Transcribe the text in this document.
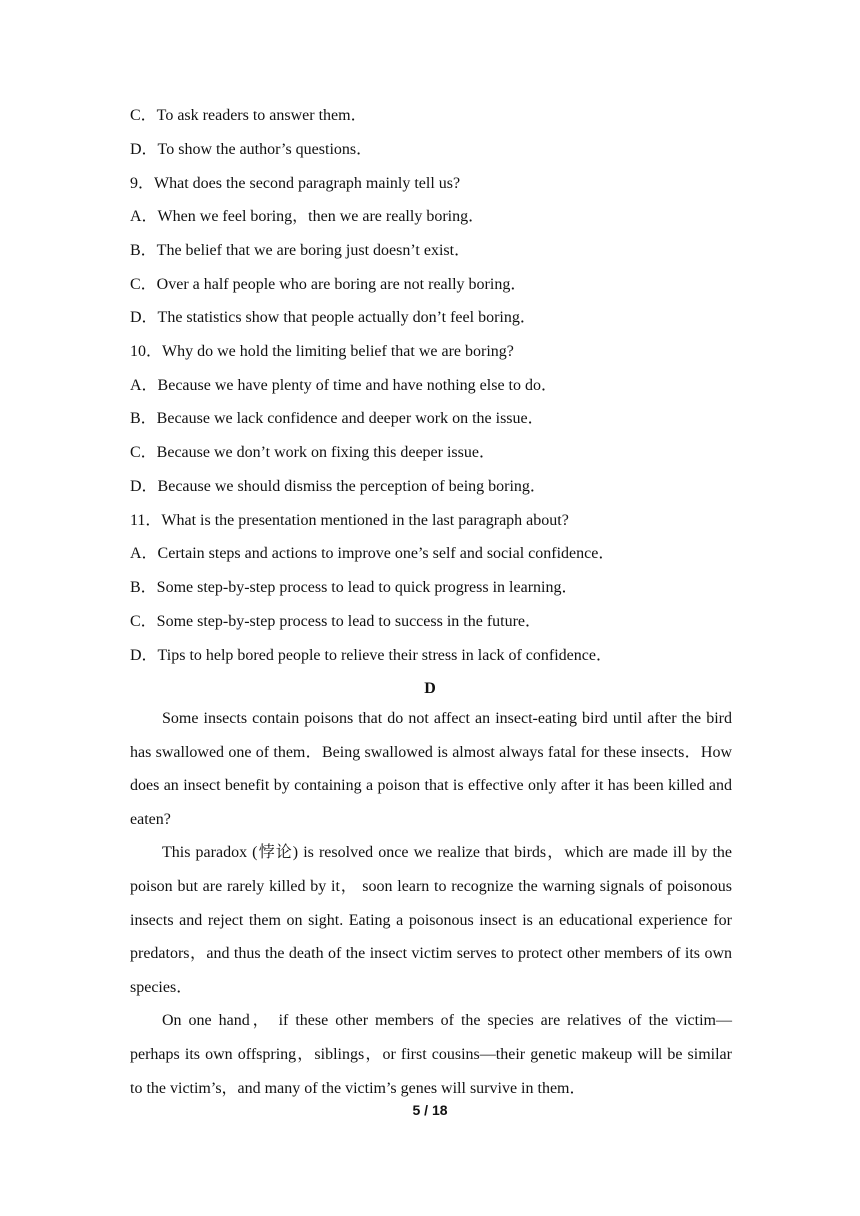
C．To ask readers to answer them．
D．To show the author’s questions．
9．What does the second paragraph mainly tell us?
A．When we feel boring，then we are really boring．
B．The belief that we are boring just doesn’t exist．
C．Over a half people who are boring are not really boring．
D．The statistics show that people actually don’t feel boring．
10．Why do we hold the limiting belief that we are boring?
A．Because we have plenty of time and have nothing else to do．
B．Because we lack confidence and deeper work on the issue．
C．Because we don’t work on fixing this deeper issue．
D．Because we should dismiss the perception of being boring．
11．What is the presentation mentioned in the last paragraph about?
A．Certain steps and actions to improve one’s self and social confidence．
B．Some step-by-step process to lead to quick progress in learning．
C．Some step-by-step process to lead to success in the future．
D．Tips to help bored people to relieve their stress in lack of confidence．
D

Some insects contain poisons that do not affect an insect-eating bird until after the bird has swallowed one of them．Being swallowed is almost always fatal for these insects．How does an insect benefit by containing a poison that is effective only after it has been killed and eaten?

This paradox (悖论) is resolved once we realize that birds，which are made ill by the poison but are rarely killed by it， soon learn to recognize the warning signals of poisonous insects and reject them on sight. Eating a poisonous insect is an educational experience for predators，and thus the death of the insect victim serves to protect other members of its own species．

On one hand， if these other members of the species are relatives of the victim—perhaps its own offspring，siblings，or first cousins—their genetic makeup will be similar to the victim’s，and many of the victim’s genes will survive in them．

5 / 18
